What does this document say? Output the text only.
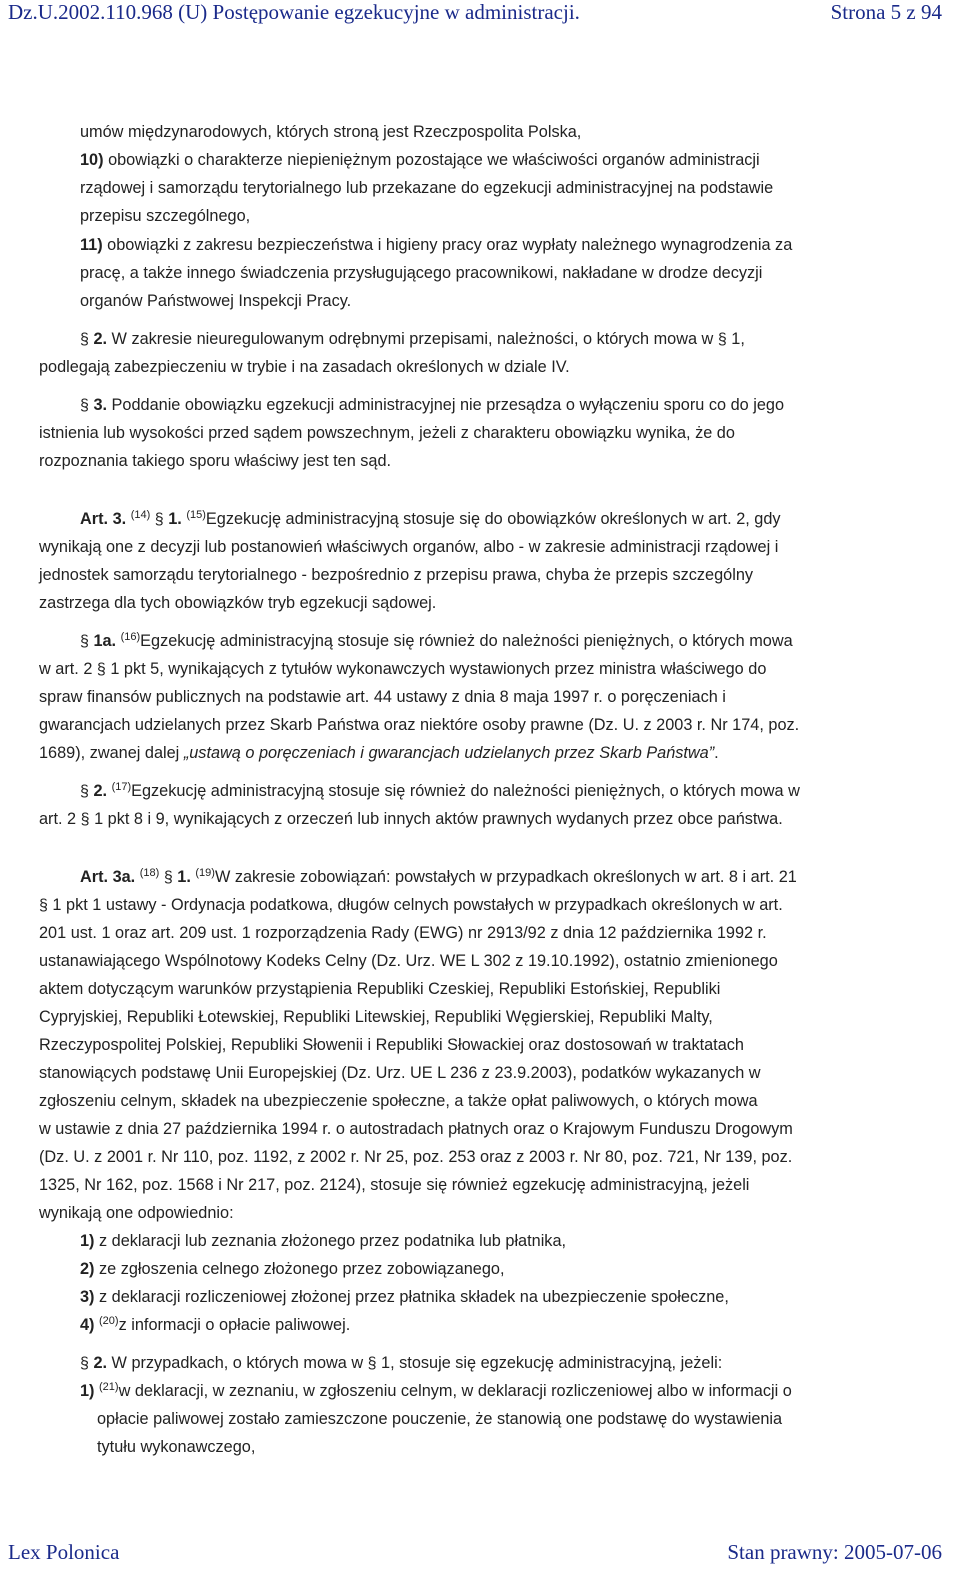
Dz.U.2002.110.968 (U) Postępowanie egzekucyjne w administracji.	Strona 5 z 94
umów międzynarodowych, których stroną jest Rzeczpospolita Polska,
10) obowiązki o charakterze niepieniężnym pozostające we właściwości organów administracji
rządowej i samorządu terytorialnego lub przekazane do egzekucji administracyjnej na podstawie
przepisu szczególnego,
11) obowiązki z zakresu bezpieczeństwa i higieny pracy oraz wypłaty należnego wynagrodzenia za
pracę, a także innego świadczenia przysługującego pracownikowi, nakładane w drodze decyzji
organów Państwowej Inspekcji Pracy.
§ 2. W zakresie nieuregulowanym odrębnymi przepisami, należności, o których mowa w § 1,
podlegają zabezpieczeniu w trybie i na zasadach określonych w dziale IV.
§ 3. Poddanie obowiązku egzekucji administracyjnej nie przesądza o wyłączeniu sporu co do jego
istnienia lub wysokości przed sądem powszechnym, jeżeli z charakteru obowiązku wynika, że do
rozpoznania takiego sporu właściwy jest ten sąd.
Art. 3. $^{(14)}$ § 1. $^{(15)}$Egzekucję administracyjną stosuje się do obowiązków określonych w art. 2, gdy
wynikają one z decyzji lub postanowień właściwych organów, albo - w zakresie administracji rządowej i
jednostek samorządu terytorialnego - bezpośrednio z przepisu prawa, chyba że przepis szczególny
zastrzega dla tych obowiązków tryb egzekucji sądowej.
§ 1a. $^{(16)}$Egzekucję administracyjną stosuje się również do należności pieniężnych, o których mowa
w art. 2 § 1 pkt 5, wynikających z tytułów wykonawczych wystawionych przez ministra właściwego do
spraw finansów publicznych na podstawie art. 44 ustawy z dnia 8 maja 1997 r. o poręczeniach i
gwarancjach udzielanych przez Skarb Państwa oraz niektóre osoby prawne (Dz. U. z 2003 r. Nr 174, poz.
1689), zwanej dalej „ustawą o poręczeniach i gwarancjach udzielanych przez Skarb Państwa”.
§ 2. $^{(17)}$Egzekucję administracyjną stosuje się również do należności pieniężnych, o których mowa w
art. 2 § 1 pkt 8 i 9, wynikających z orzeczeń lub innych aktów prawnych wydanych przez obce państwa.
Art. 3a. $^{(18)}$ § 1. $^{(19)}$W zakresie zobowiązań: powstałych w przypadkach określonych w art. 8 i art. 21
§ 1 pkt 1 ustawy - Ordynacja podatkowa, długów celnych powstałych w przypadkach określonych w art.
201 ust. 1 oraz art. 209 ust. 1 rozporządzenia Rady (EWG) nr 2913/92 z dnia 12 października 1992 r.
ustanawiającego Wspólnotowy Kodeks Celny (Dz. Urz. WE L 302 z 19.10.1992), ostatnio zmienionego
aktem dotyczącym warunków przystąpienia Republiki Czeskiej, Republiki Estońskiej, Republiki
Cypryjskiej, Republiki Łotewskiej, Republiki Litewskiej, Republiki Węgierskiej, Republiki Malty,
Rzeczypospolitej Polskiej, Republiki Słowenii i Republiki Słowackiej oraz dostosowań w traktatach
stanowiących podstawę Unii Europejskiej (Dz. Urz. UE L 236 z 23.9.2003), podatków wykazanych w
zgłoszeniu celnym, składek na ubezpieczenie społeczne, a także opłat paliwowych, o których mowa
w ustawie z dnia 27 października 1994 r. o autostradach płatnych oraz o Krajowym Funduszu Drogowym
(Dz. U. z 2001 r. Nr 110, poz. 1192, z 2002 r. Nr 25, poz. 253 oraz z 2003 r. Nr 80, poz. 721, Nr 139, poz.
1325, Nr 162, poz. 1568 i Nr 217, poz. 2124), stosuje się również egzekucję administracyjną, jeżeli
wynikają one odpowiednio:
1) z deklaracji lub zeznania złożonego przez podatnika lub płatnika,
2) ze zgłoszenia celnego złożonego przez zobowiązanego,
3) z deklaracji rozliczeniowej złożonej przez płatnika składek na ubezpieczenie społeczne,
4) $^{(20)}$z informacji o opłacie paliwowej.
§ 2. W przypadkach, o których mowa w § 1, stosuje się egzekucję administracyjną, jeżeli:
1) $^{(21)}$w deklaracji, w zeznaniu, w zgłoszeniu celnym, w deklaracji rozliczeniowej albo w informacji o
opłacie paliwowej zostało zamieszczone pouczenie, że stanowią one podstawę do wystawienia
tytułu wykonawczego,
Lex Polonica	Stan prawny: 2005-07-06
